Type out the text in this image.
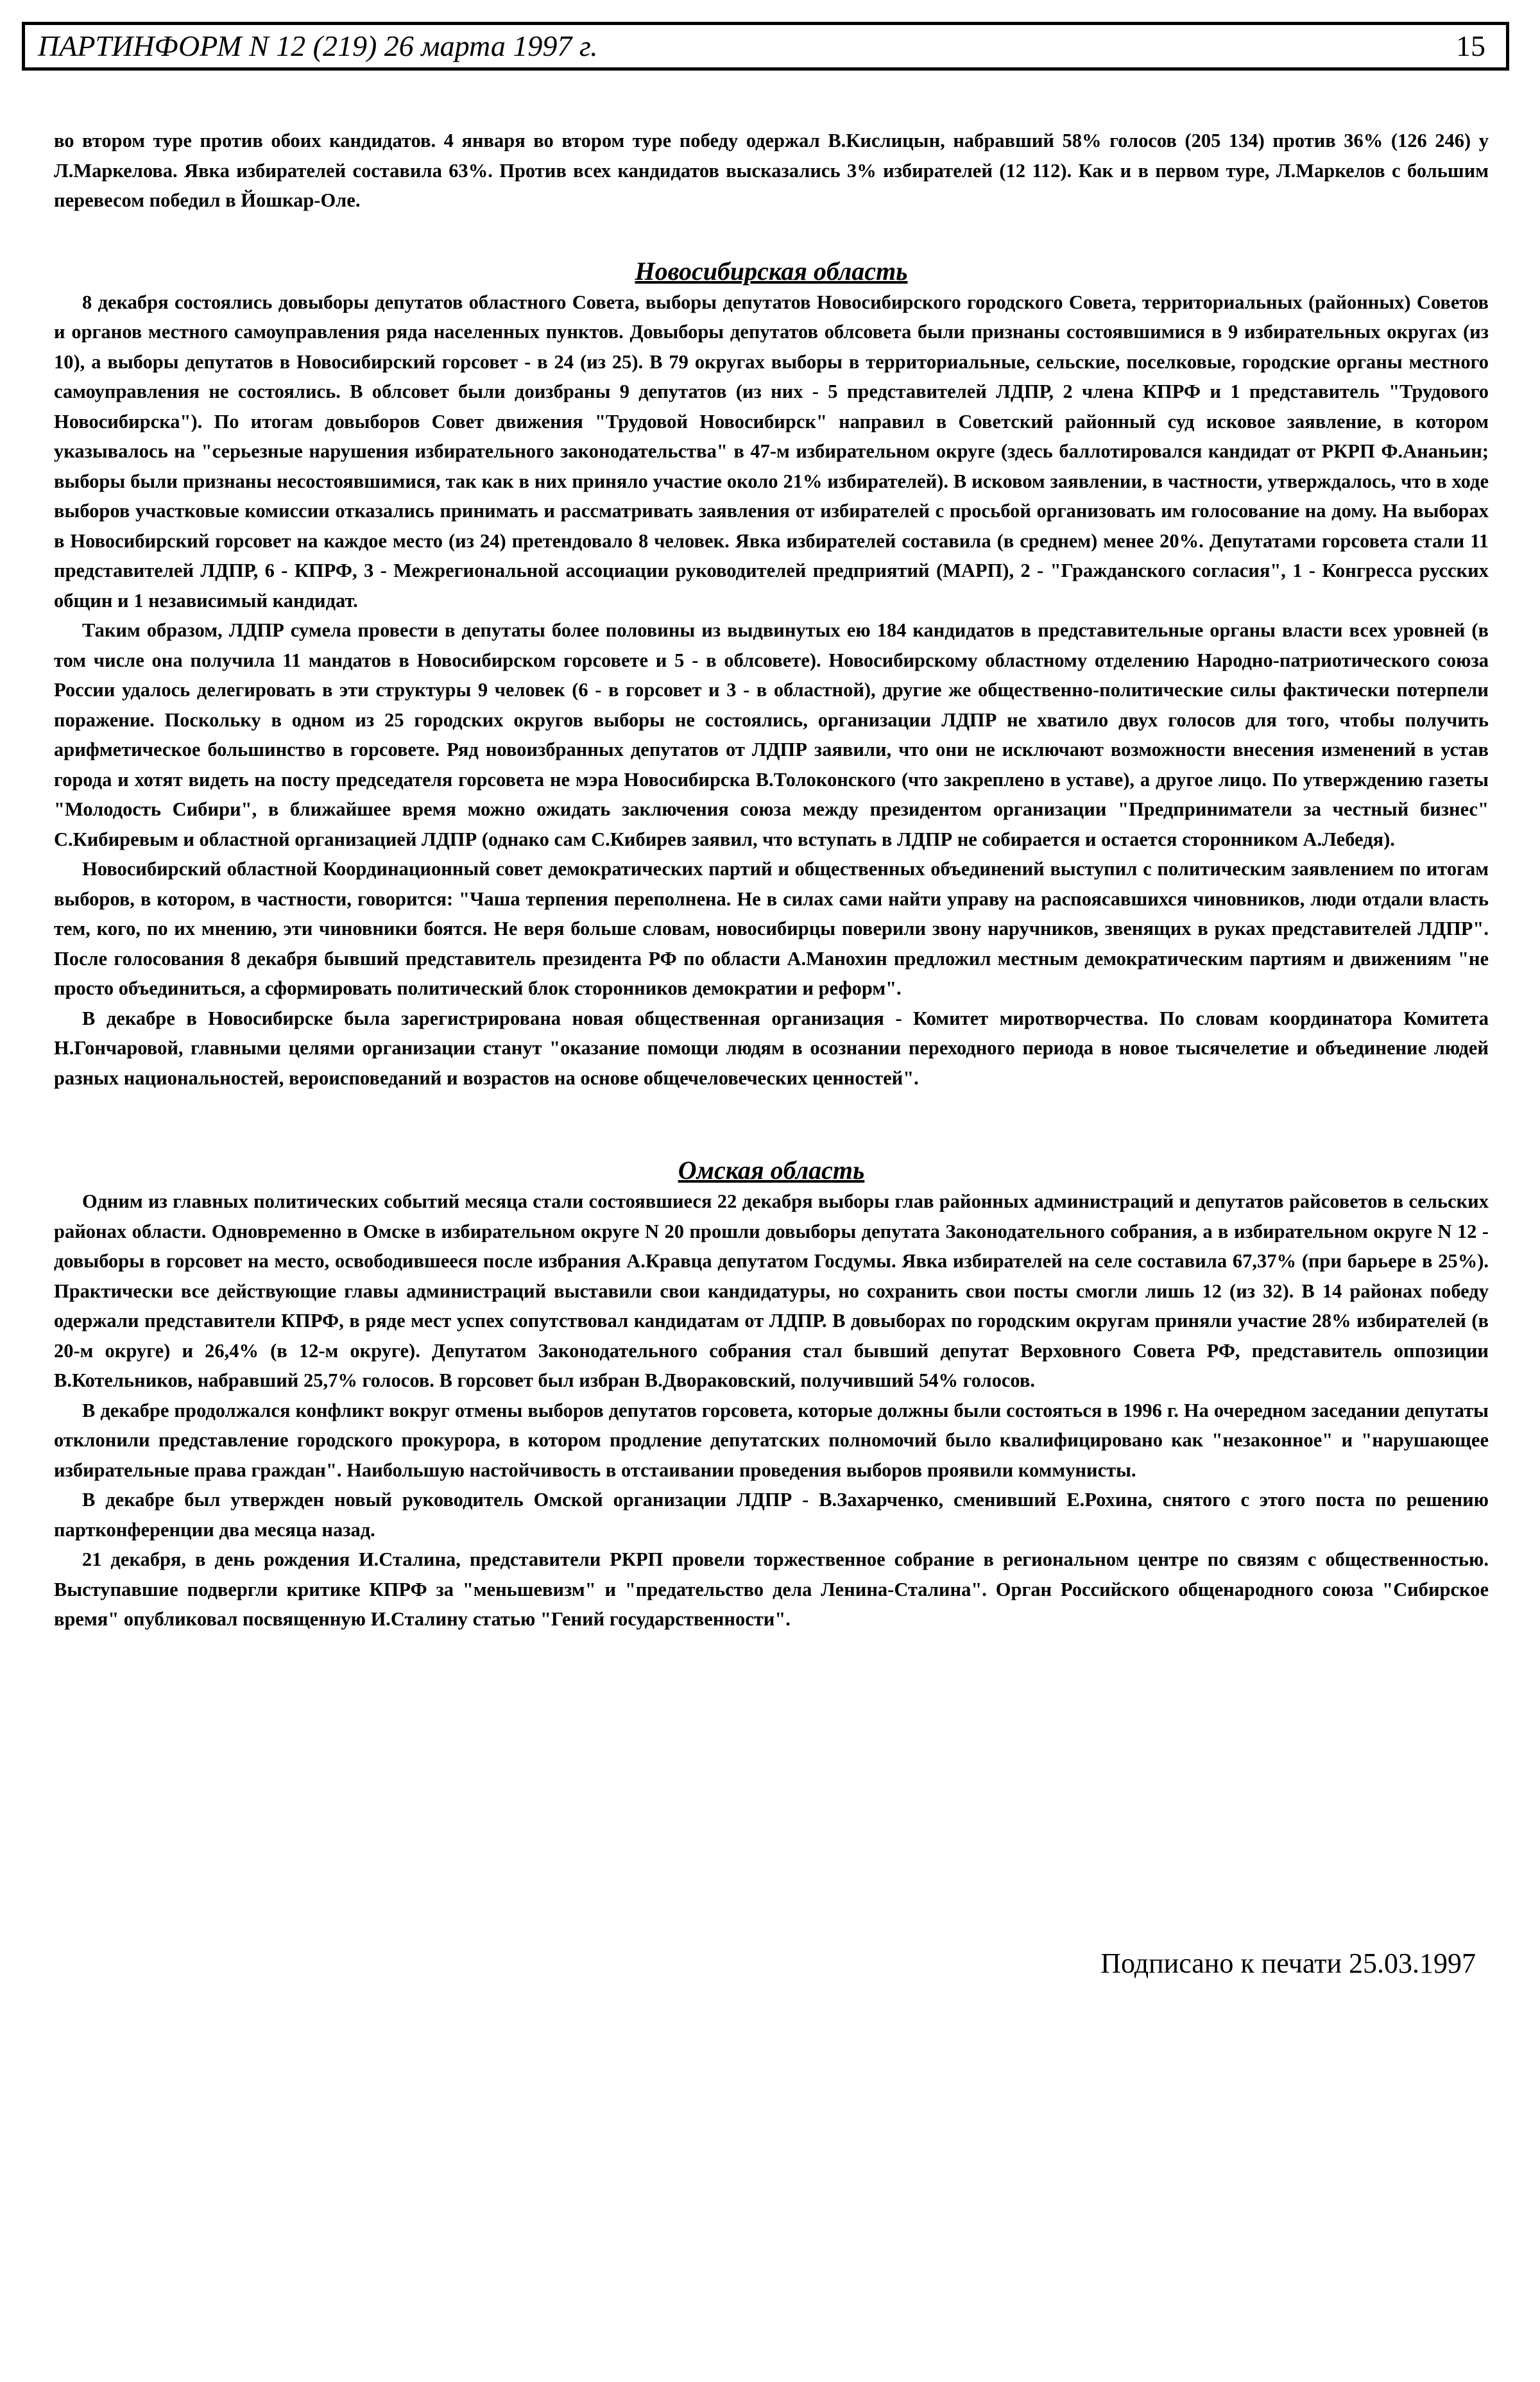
ПАРТИНФОРМ N 12 (219) 26 марта 1997 г.	15

во втором туре против обоих кандидатов. 4 января во втором туре победу одержал В.Кислицын, набравший 58% голосов (205 134) против 36% (126 246) у Л.Маркелова. Явка избирателей составила 63%. Против всех кандидатов высказались 3% избирателей (12 112). Как и в первом туре, Л.Маркелов с большим перевесом победил в Йошкар-Оле.

Новосибирская область

8 декабря состоялись довыборы депутатов областного Совета, выборы депутатов Новосибирского городского Совета, территориальных (районных) Советов и органов местного самоуправления ряда населенных пунктов. Довыборы депутатов облсовета были признаны состоявшимися в 9 избирательных округах (из 10), а выборы депутатов в Новосибирский горсовет - в 24 (из 25). В 79 округах выборы в территориальные, сельские, поселковые, городские органы местного самоуправления не состоялись. В облсовет были доизбраны 9 депутатов (из них - 5 представителей ЛДПР, 2 члена КПРФ и 1 представитель "Трудового Новосибирска"). По итогам довыборов Совет движения "Трудовой Новосибирск" направил в Советский районный суд исковое заявление, в котором указывалось на "серьезные нарушения избирательного законодательства" в 47-м избирательном округе (здесь баллотировался кандидат от РКРП Ф.Ананьин; выборы были признаны несостоявшимися, так как в них приняло участие около 21% избирателей). В исковом заявлении, в частности, утверждалось, что в ходе выборов участковые комиссии отказались принимать и рассматривать заявления от избирателей с просьбой организовать им голосование на дому. На выборах в Новосибирский горсовет на каждое место (из 24) претендовало 8 человек. Явка избирателей составила (в среднем) менее 20%. Депутатами горсовета стали 11 представителей ЛДПР, 6 - КПРФ, 3 - Межрегиональной ассоциации руководителей предприятий (МАРП), 2 - "Гражданского согласия", 1 - Конгресса русских общин и 1 независимый кандидат.

Таким образом, ЛДПР сумела провести в депутаты более половины из выдвинутых ею 184 кандидатов в представительные органы власти всех уровней (в том числе она получила 11 мандатов в Новосибирском горсовете и 5 - в облсовете). Новосибирскому областному отделению Народно-патриотического союза России удалось делегировать в эти структуры 9 человек (6 - в горсовет и 3 - в областной), другие же общественно-политические силы фактически потерпели поражение. Поскольку в одном из 25 городских округов выборы не состоялись, организации ЛДПР не хватило двух голосов для того, чтобы получить арифметическое большинство в горсовете. Ряд новоизбранных депутатов от ЛДПР заявили, что они не исключают возможности внесения изменений в устав города и хотят видеть на посту председателя горсовета не мэра Новосибирска В.Толоконского (что закреплено в уставе), а другое лицо. По утверждению газеты "Молодость Сибири", в ближайшее время можно ожидать заключения союза между президентом организации "Предприниматели за честный бизнес" С.Кибиревым и областной организацией ЛДПР (однако сам С.Кибирев заявил, что вступать в ЛДПР не собирается и остается сторонником А.Лебедя).

Новосибирский областной Координационный совет демократических партий и общественных объединений выступил с политическим заявлением по итогам выборов, в котором, в частности, говорится: "Чаша терпения переполнена. Не в силах сами найти управу на распоясавшихся чиновников, люди отдали власть тем, кого, по их мнению, эти чиновники боятся. Не веря больше словам, новосибирцы поверили звону наручников, звенящих в руках представителей ЛДПР". После голосования 8 декабря бывший представитель президента РФ по области А.Манохин предложил местным демократическим партиям и движениям "не просто объединиться, а сформировать политический блок сторонников демократии и реформ".

В декабре в Новосибирске была зарегистрирована новая общественная организация - Комитет миротворчества. По словам координатора Комитета Н.Гончаровой, главными целями организации станут "оказание помощи людям в осознании переходного периода в новое тысячелетие и объединение людей разных национальностей, вероисповеданий и возрастов на основе общечеловеческих ценностей".

Омская область

Одним из главных политических событий месяца стали состоявшиеся 22 декабря выборы глав районных администраций и депутатов райсоветов в сельских районах области. Одновременно в Омске в избирательном округе N 20 прошли довыборы депутата Законодательного собрания, а в избирательном округе N 12 - довыборы в горсовет на место, освободившееся после избрания А.Кравца депутатом Госдумы. Явка избирателей на селе составила 67,37% (при барьере в 25%). Практически все действующие главы администраций выставили свои кандидатуры, но сохранить свои посты смогли лишь 12 (из 32). В 14 районах победу одержали представители КПРФ, в ряде мест успех сопутствовал кандидатам от ЛДПР. В довыборах по городским округам приняли участие 28% избирателей (в 20-м округе) и 26,4% (в 12-м округе). Депутатом Законодательного собрания стал бывший депутат Верховного Совета РФ, представитель оппозиции В.Котельников, набравший 25,7% голосов. В горсовет был избран В.Двораковский, получивший 54% голосов.

В декабре продолжался конфликт вокруг отмены выборов депутатов горсовета, которые должны были состояться в 1996 г. На очередном заседании депутаты отклонили представление городского прокурора, в котором продление депутатских полномочий было квалифицировано как "незаконное" и "нарушающее избирательные права граждан". Наибольшую настойчивость в отстаивании проведения выборов проявили коммунисты.

В декабре был утвержден новый руководитель Омской организации ЛДПР - В.Захарченко, сменивший Е.Рохина, снятого с этого поста по решению партконференции два месяца назад.

21 декабря, в день рождения И.Сталина, представители РКРП провели торжественное собрание в региональном центре по связям с общественностью. Выступавшие подвергли критике КПРФ за "меньшевизм" и "предательство дела Ленина-Сталина". Орган Российского общенародного союза "Сибирское время" опубликовал посвященную И.Сталину статью "Гений государственности".

Подписано к печати 25.03.1997
